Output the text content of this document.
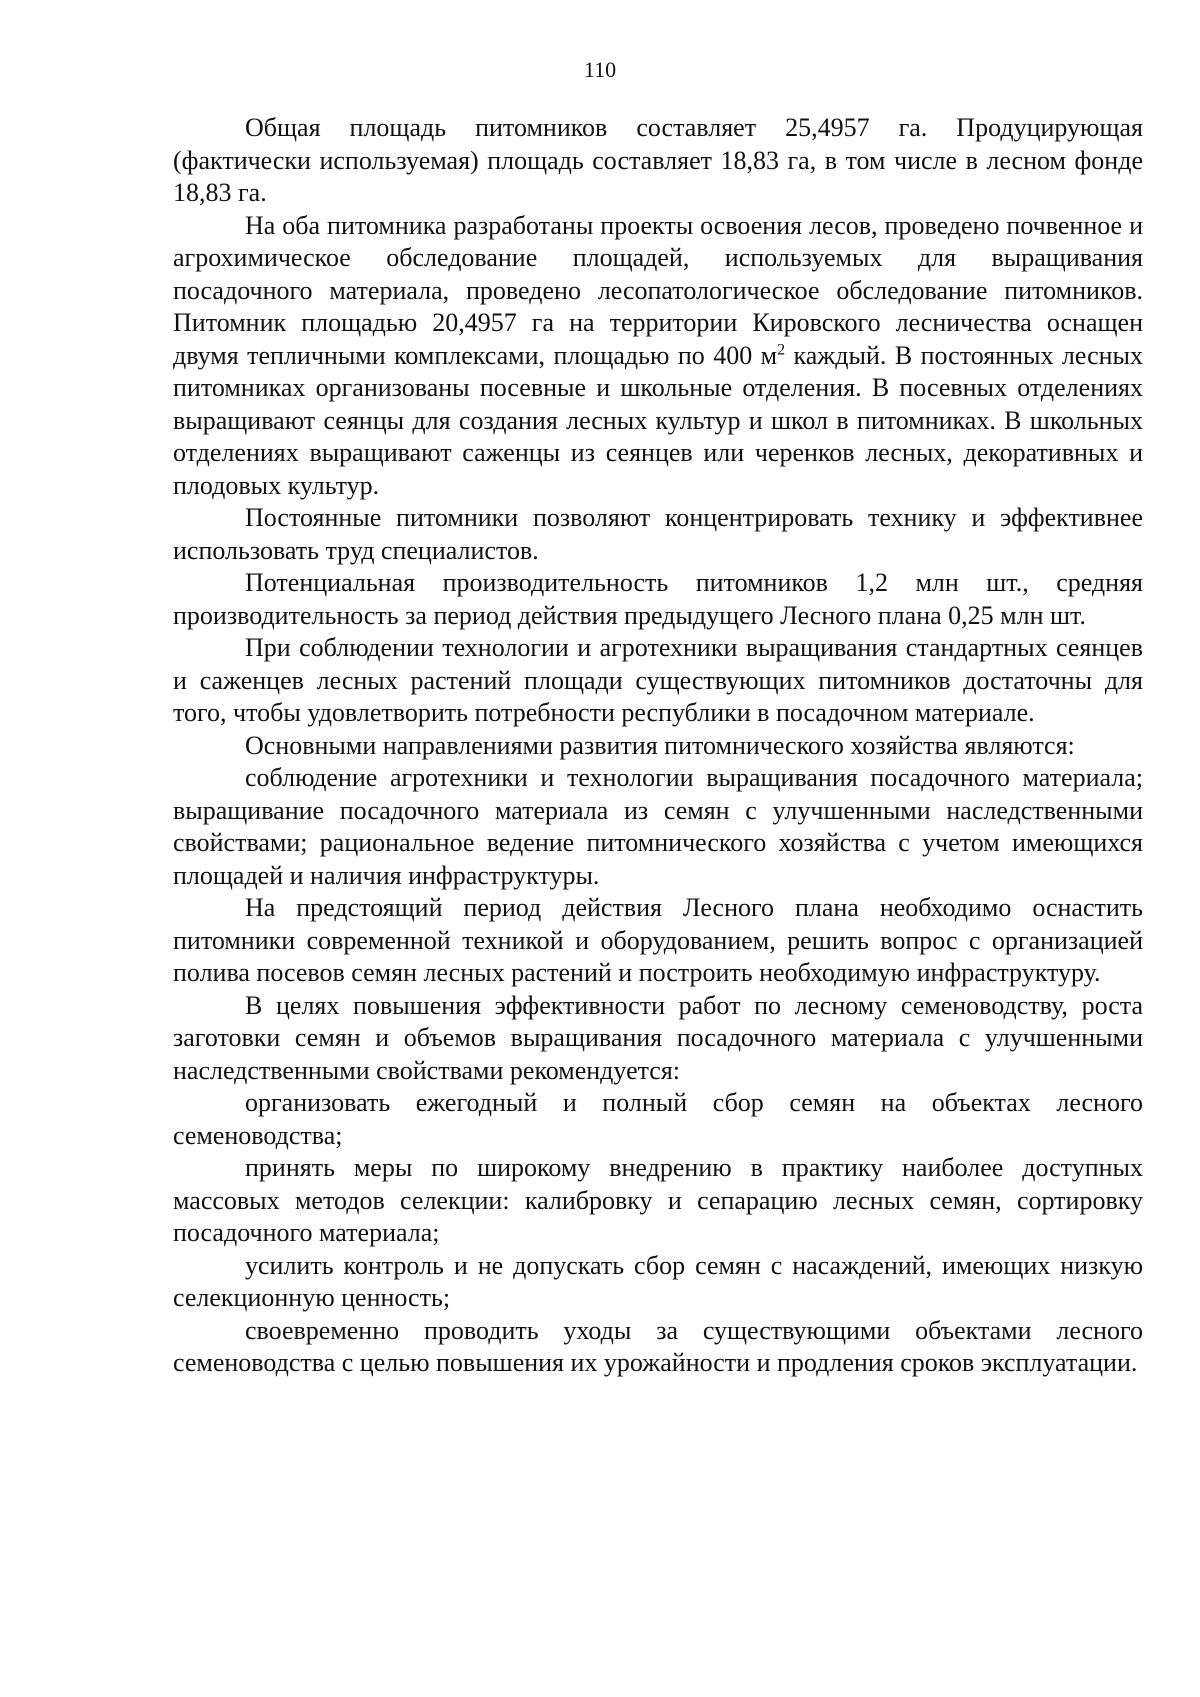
110

Общая площадь питомников составляет 25,4957 га. Продуцирующая (фактически используемая) площадь составляет 18,83 га, в том числе в лесном фонде 18,83 га.

На оба питомника разработаны проекты освоения лесов, проведено почвенное и агрохимическое обследование площадей, используемых для выращивания посадочного материала, проведено лесопатологическое обследование питомников. Питомник площадью 20,4957 га на территории Кировского лесничества оснащен двумя тепличными комплексами, площадью по 400 $м^2$ каждый. В постоянных лесных питомниках организованы посевные и школьные отделения. В посевных отделениях выращивают сеянцы для создания лесных культур и школ в питомниках. В школьных отделениях выращивают саженцы из сеянцев или черенков лесных, декоративных и плодовых культур.

Постоянные питомники позволяют концентрировать технику и эффективнее использовать труд специалистов.

Потенциальная производительность питомников 1,2 млн шт., средняя производительность за период действия предыдущего Лесного плана 0,25 млн шт.

При соблюдении технологии и агротехники выращивания стандартных сеянцев и саженцев лесных растений площади существующих питомников достаточны для того, чтобы удовлетворить потребности республики в посадочном материале.

Основными направлениями развития питомнического хозяйства являются:

соблюдение агротехники и технологии выращивания посадочного материала; выращивание посадочного материала из семян с улучшенными наследственными свойствами; рациональное ведение питомнического хозяйства с учетом имеющихся площадей и наличия инфраструктуры.

На предстоящий период действия Лесного плана необходимо оснастить питомники современной техникой и оборудованием, решить вопрос с организацией полива посевов семян лесных растений и построить необходимую инфраструктуру.

В целях повышения эффективности работ по лесному семеноводству, роста заготовки семян и объемов выращивания посадочного материала с улучшенными наследственными свойствами рекомендуется:

организовать ежегодный и полный сбор семян на объектах лесного семеноводства;

принять меры по широкому внедрению в практику наиболее доступных массовых методов селекции: калибровку и сепарацию лесных семян, сортировку посадочного материала;

усилить контроль и не допускать сбор семян с насаждений, имеющих низкую селекционную ценность;

своевременно проводить уходы за существующими объектами лесного семеноводства с целью повышения их урожайности и продления сроков эксплуатации.
